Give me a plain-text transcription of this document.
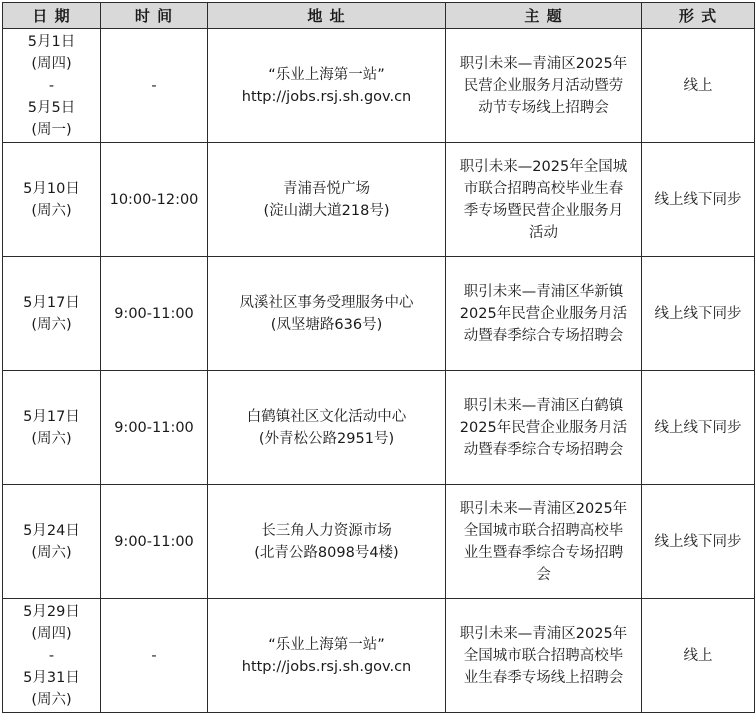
日 期	时 间	地 址	主 题	形 式

5月1日
(周四)
-
5月5日
(周一)	-	“乐业上海第一站”
http://jobs.rsj.sh.gov.cn	职引未来—青浦区2025年
民营企业服务月活动暨劳
动节专场线上招聘会	线上

5月10日
(周六)	10:00-12:00	青浦吾悦广场
(淀山湖大道218号)	职引未来—2025年全国城
市联合招聘高校毕业生春
季专场暨民营企业服务月
活动	线上线下同步

5月17日
(周六)	9:00-11:00	凤溪社区事务受理服务中心
(凤坚塘路636号)	职引未来—青浦区华新镇
2025年民营企业服务月活
动暨春季综合专场招聘会	线上线下同步

5月17日
(周六)	9:00-11:00	白鹤镇社区文化活动中心
(外青松公路2951号)	职引未来—青浦区白鹤镇
2025年民营企业服务月活
动暨春季综合专场招聘会	线上线下同步

5月24日
(周六)	9:00-11:00	长三角人力资源市场
(北青公路8098号4楼)	职引未来—青浦区2025年
全国城市联合招聘高校毕
业生暨春季综合专场招聘
会	线上线下同步

5月29日
(周四)
-
5月31日
(周六)	-	“乐业上海第一站”
http://jobs.rsj.sh.gov.cn	职引未来—青浦区2025年
全国城市联合招聘高校毕
业生春季专场线上招聘会	线上
